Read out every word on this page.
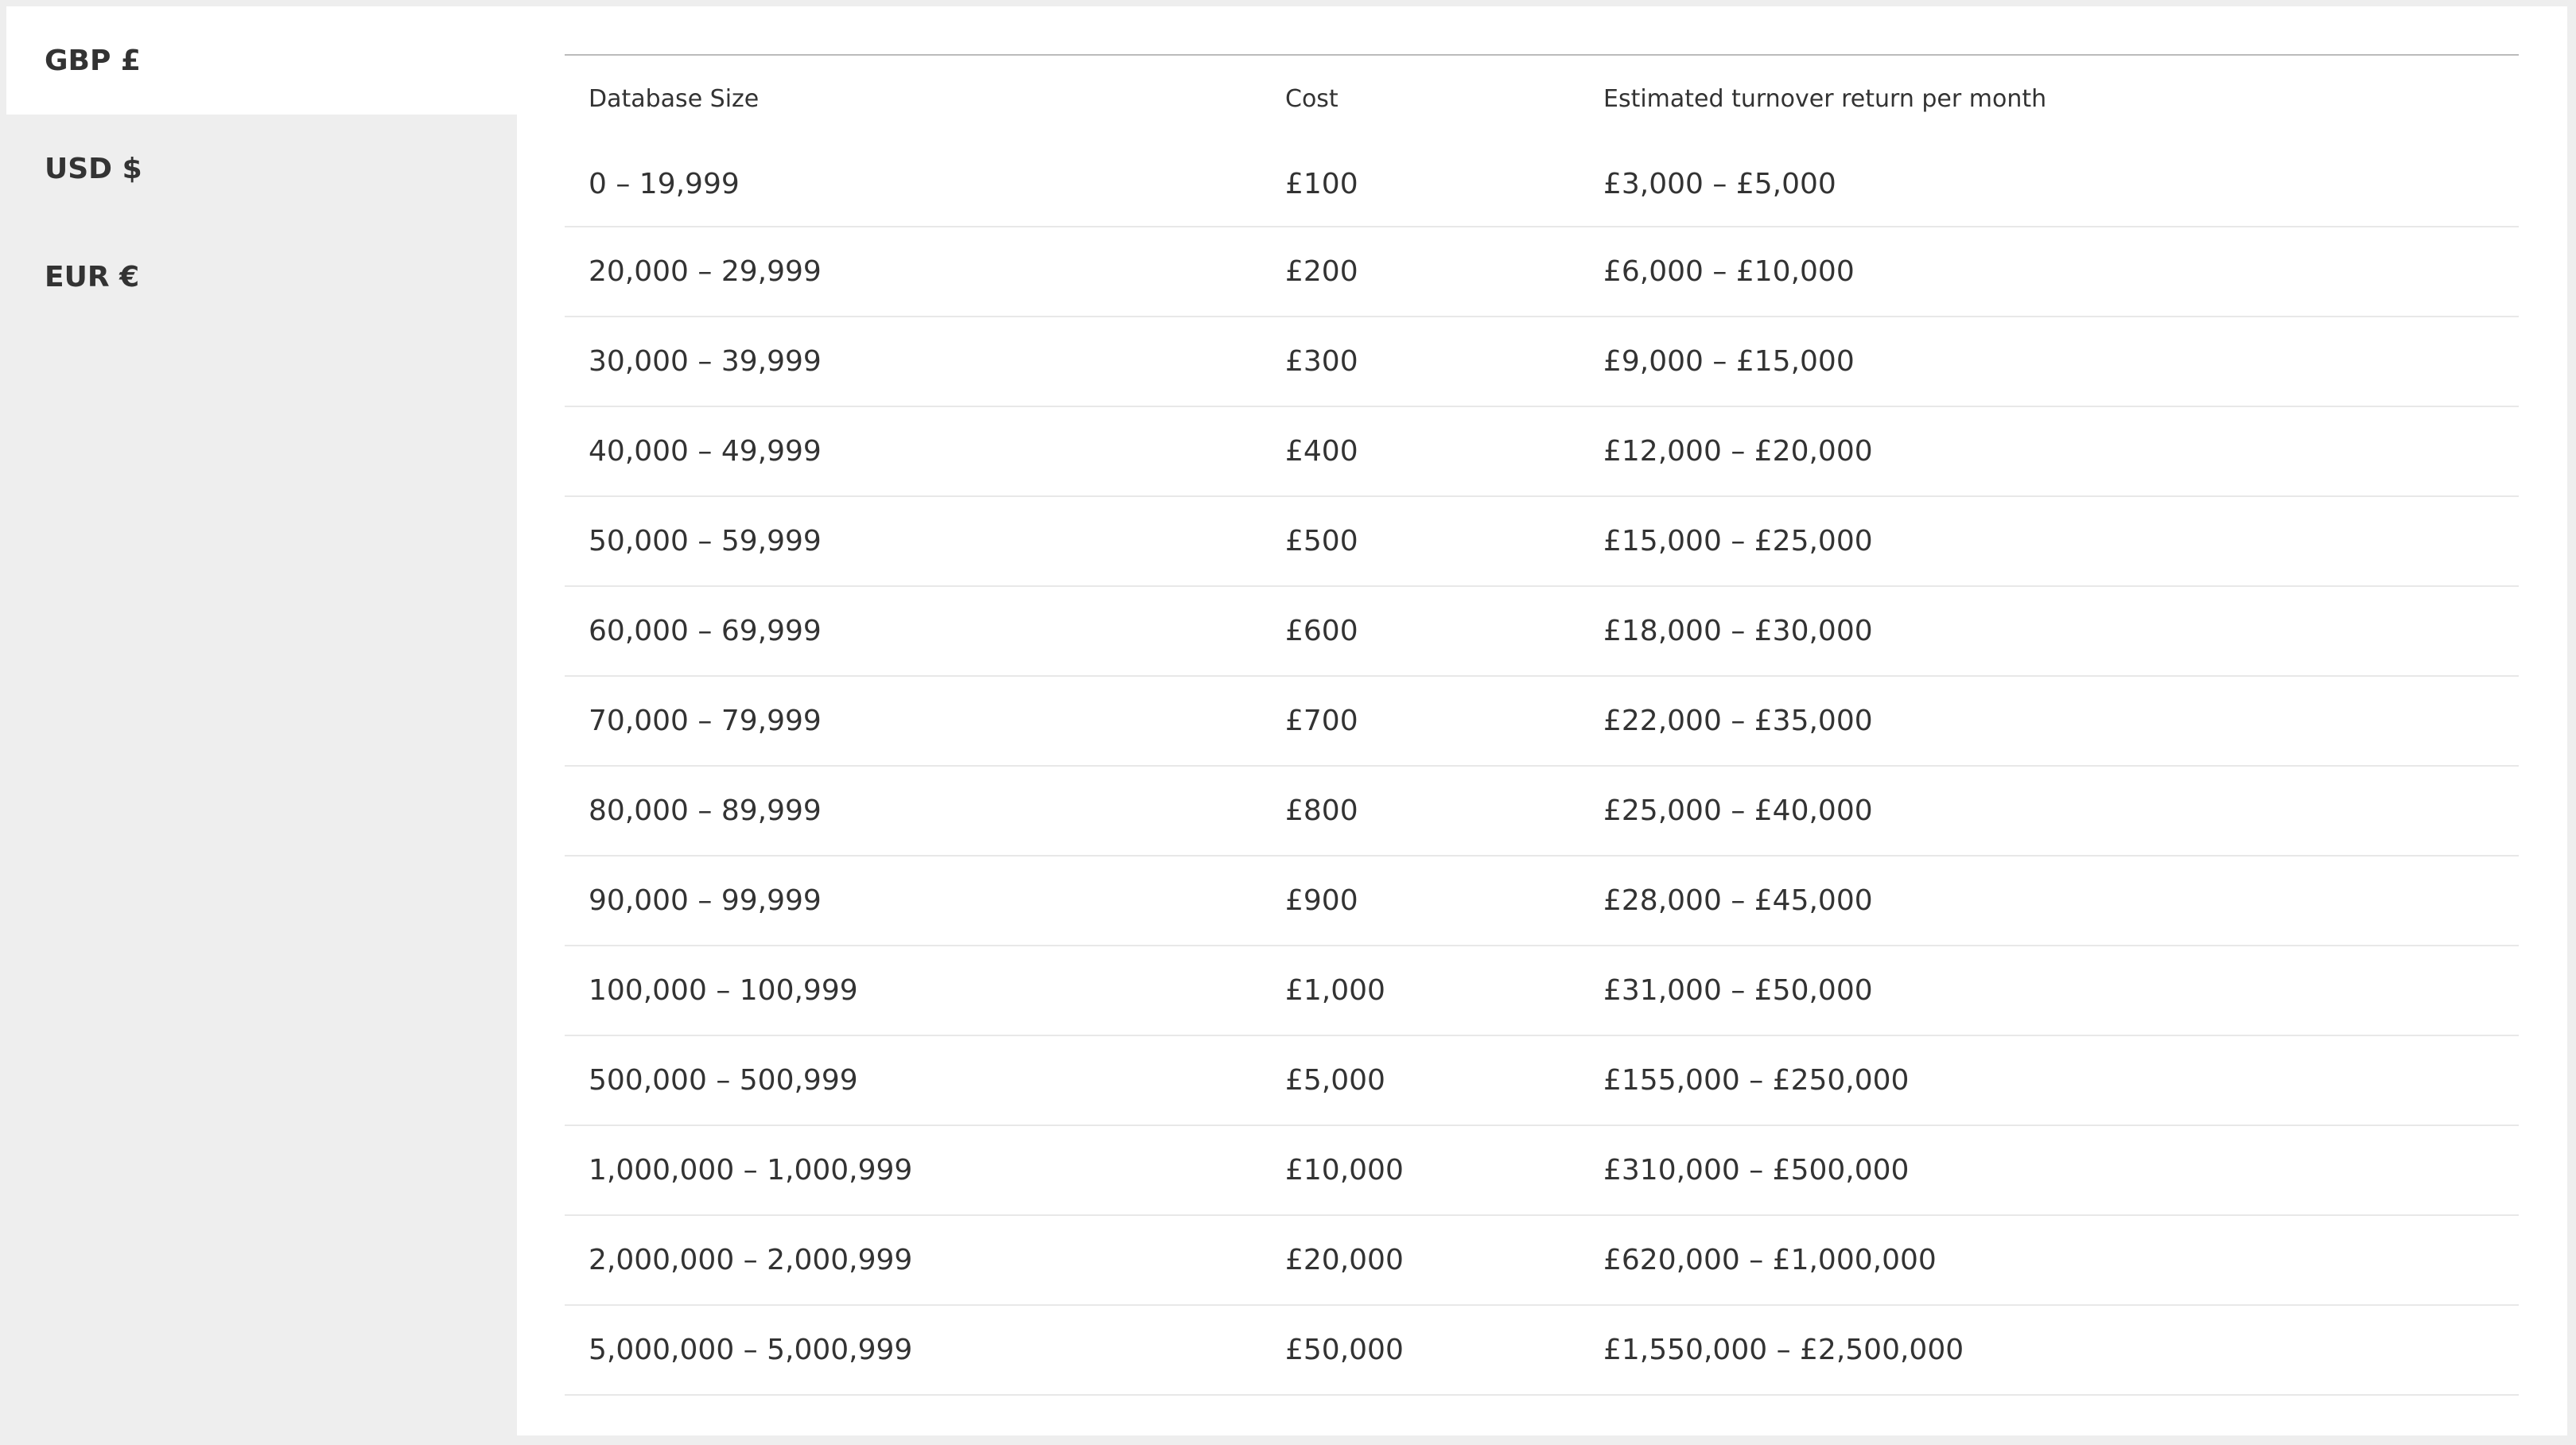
GBP £
USD $
EUR €
Database Size	Cost	Estimated turnover return per month
0 – 19,999	£100	£3,000 – £5,000
20,000 – 29,999	£200	£6,000 – £10,000
30,000 – 39,999	£300	£9,000 – £15,000
40,000 – 49,999	£400	£12,000 – £20,000
50,000 – 59,999	£500	£15,000 – £25,000
60,000 – 69,999	£600	£18,000 – £30,000
70,000 – 79,999	£700	£22,000 – £35,000
80,000 – 89,999	£800	£25,000 – £40,000
90,000 – 99,999	£900	£28,000 – £45,000
100,000 – 100,999	£1,000	£31,000 – £50,000
500,000 – 500,999	£5,000	£155,000 – £250,000
1,000,000 – 1,000,999	£10,000	£310,000 – £500,000
2,000,000 – 2,000,999	£20,000	£620,000 – £1,000,000
5,000,000 – 5,000,999	£50,000	£1,550,000 – £2,500,000
